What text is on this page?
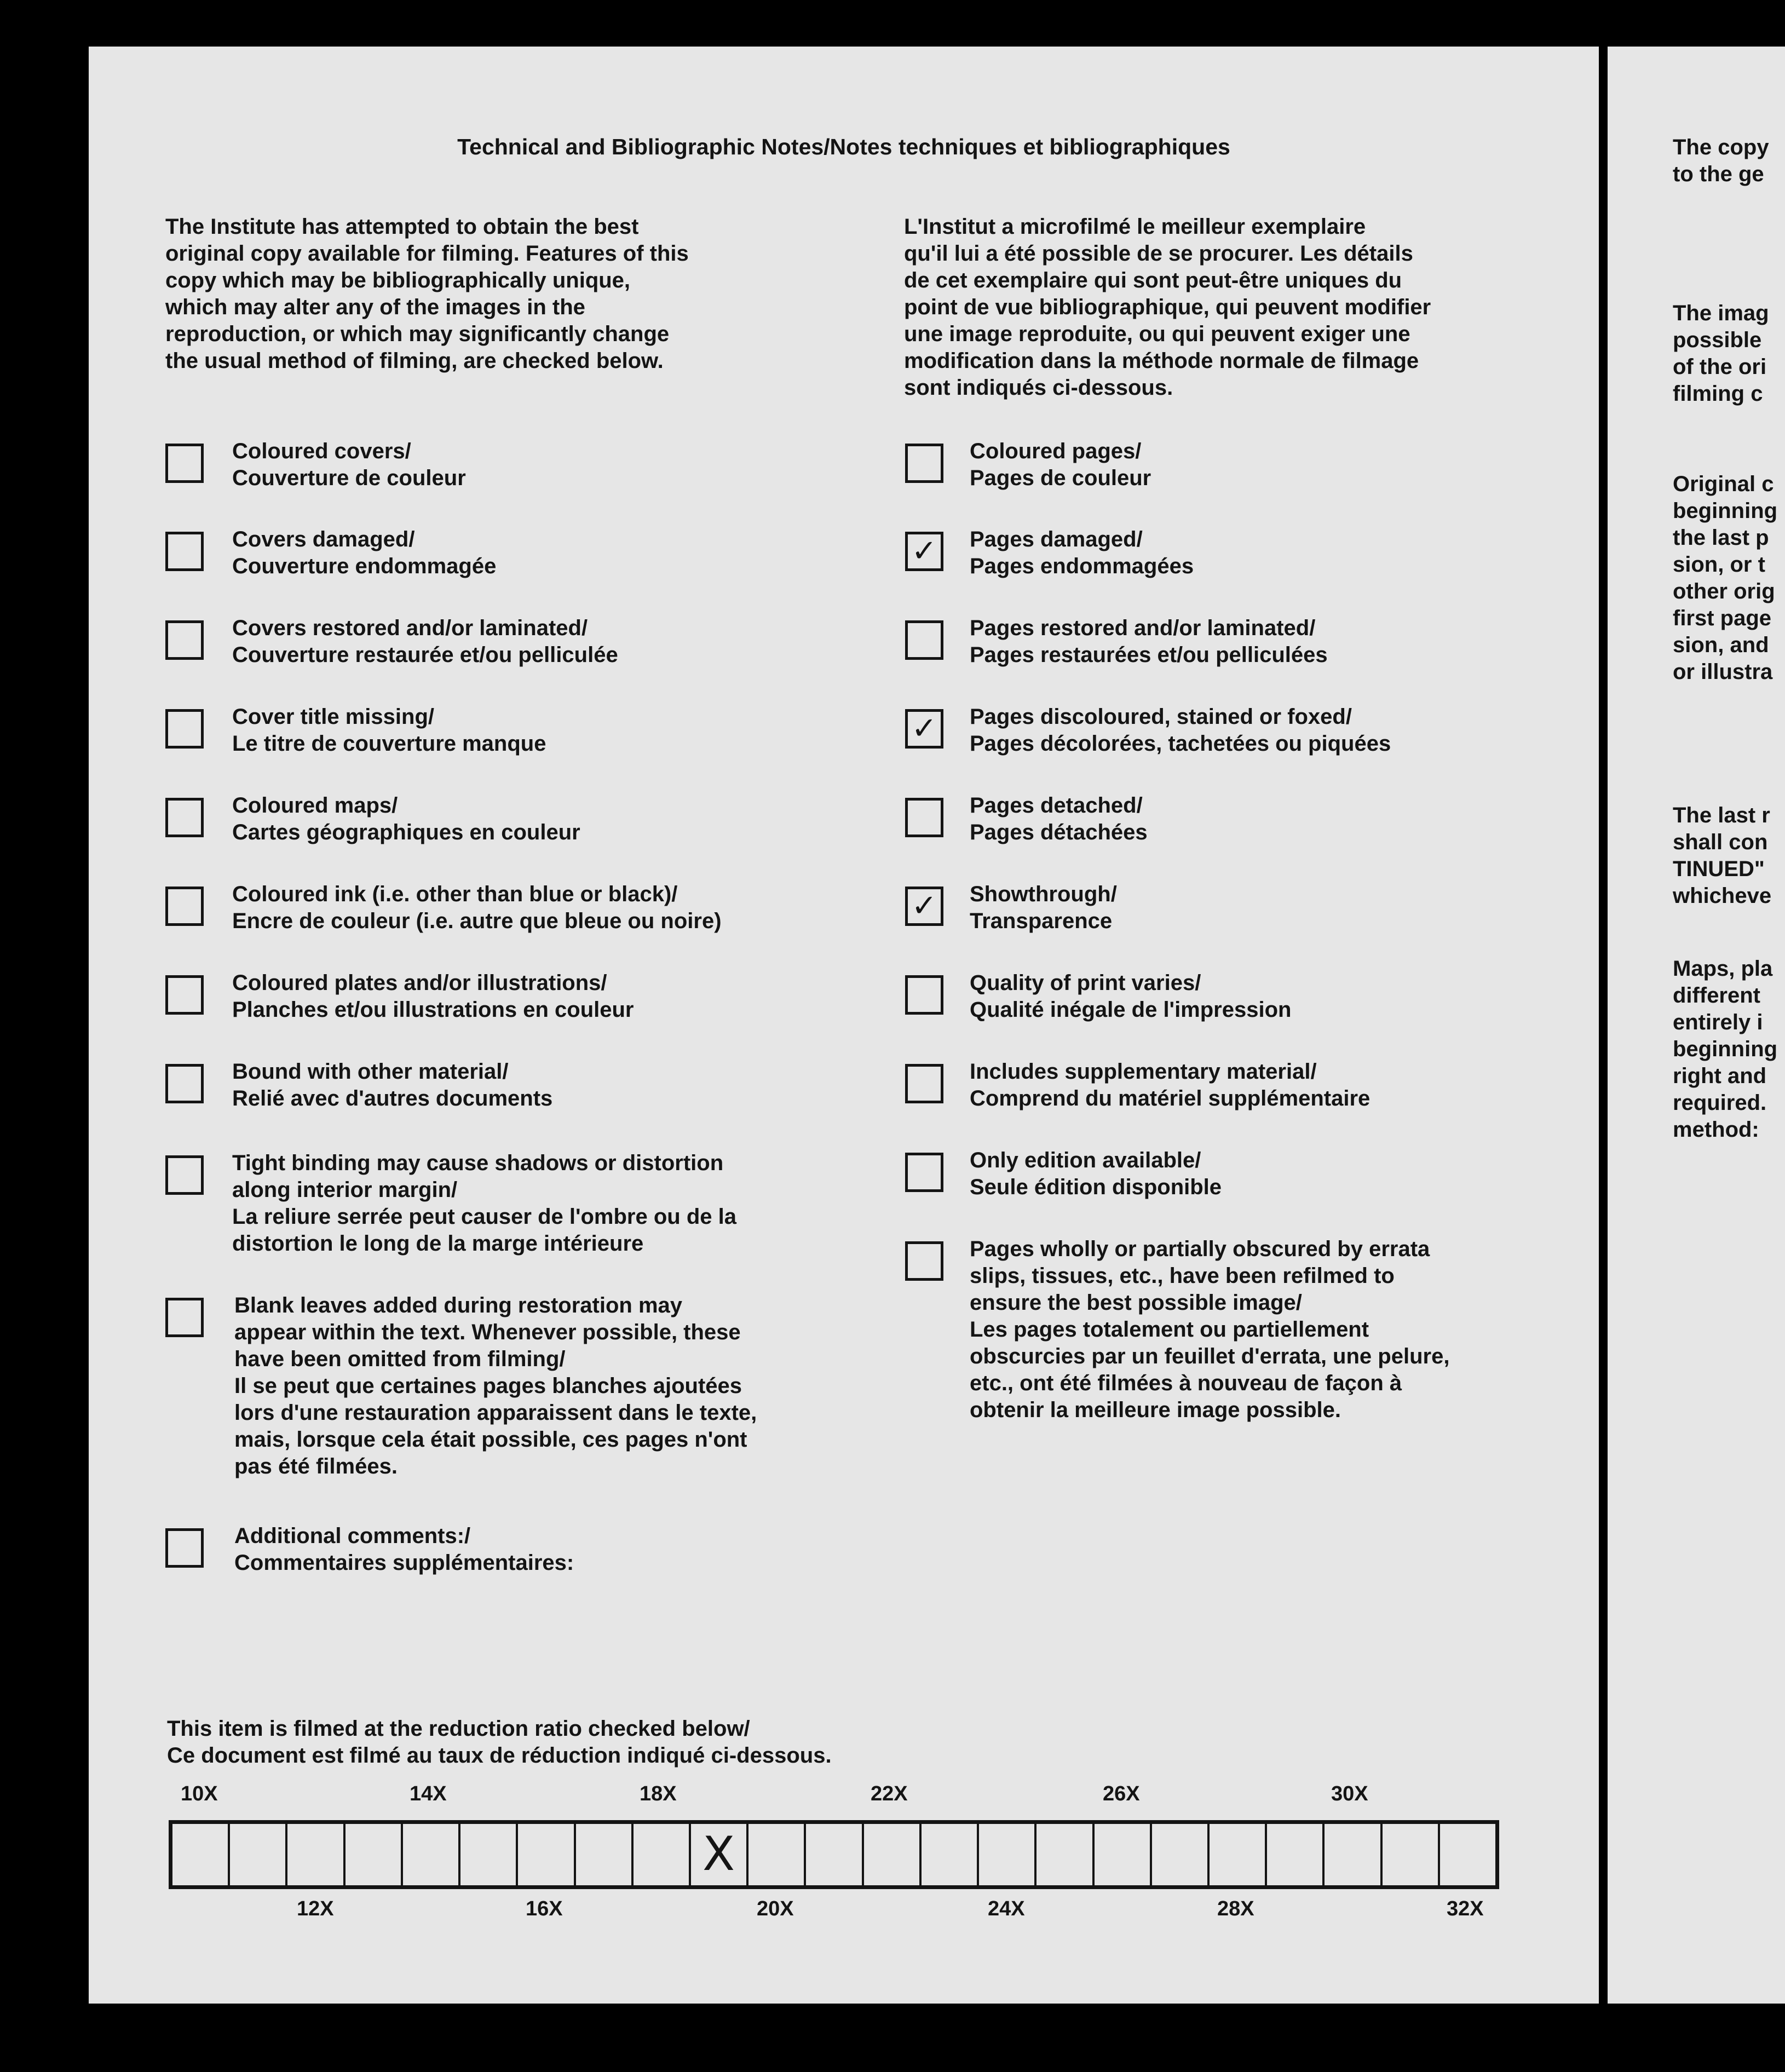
Technical and Bibliographic Notes/Notes techniques et bibliographiques
The Institute has attempted to obtain the best
original copy available for filming. Features of this
copy which may be bibliographically unique,
which may alter any of the images in the
reproduction, or which may significantly change
the usual method of filming, are checked below.
L'Institut a microfilmé le meilleur exemplaire
qu'il lui a été possible de se procurer. Les détails
de cet exemplaire qui sont peut-être uniques du
point de vue bibliographique, qui peuvent modifier
une image reproduite, ou qui peuvent exiger une
modification dans la méthode normale de filmage
sont indiqués ci-dessous.
Coloured covers/
Couverture de couleur
Covers damaged/
Couverture endommagée
Covers restored and/or laminated/
Couverture restaurée et/ou pelliculée
Cover title missing/
Le titre de couverture manque
Coloured maps/
Cartes géographiques en couleur
Coloured ink (i.e. other than blue or black)/
Encre de couleur (i.e. autre que bleue ou noire)
Coloured plates and/or illustrations/
Planches et/ou illustrations en couleur
Bound with other material/
Relié avec d'autres documents
Tight binding may cause shadows or distortion
along interior margin/
La reliure serrée peut causer de l'ombre ou de la
distortion le long de la marge intérieure
Blank leaves added during restoration may
appear within the text. Whenever possible, these
have been omitted from filming/
Il se peut que certaines pages blanches ajoutées
lors d'une restauration apparaissent dans le texte,
mais, lorsque cela était possible, ces pages n'ont
pas été filmées.
Additional comments:/
Commentaires supplémentaires:
Coloured pages/
Pages de couleur
✓ Pages damaged/
Pages endommagées
Pages restored and/or laminated/
Pages restaurées et/ou pelliculées
✓ Pages discoloured, stained or foxed/
Pages décolorées, tachetées ou piquées
Pages detached/
Pages détachées
✓ Showthrough/
Transparence
Quality of print varies/
Qualité inégale de l'impression
Includes supplementary material/
Comprend du matériel supplémentaire
Only edition available/
Seule édition disponible
Pages wholly or partially obscured by errata
slips, tissues, etc., have been refilmed to
ensure the best possible image/
Les pages totalement ou partiellement
obscurcies par un feuillet d'errata, une pelure,
etc., ont été filmées à nouveau de façon à
obtenir la meilleure image possible.
This item is filmed at the reduction ratio checked below/
Ce document est filmé au taux de réduction indiqué ci-dessous.
10X	14X	18X	22X	26X	30X
X
12X	16X	20X	24X	28X	32X
The copy
to the ge
The imag
possible
of the ori
filming c
Original c
beginning
the last p
sion, or t
other orig
first page
sion, and
or illustra
The last r
shall con
TINUED"
whicheve
Maps, pla
different
entirely i
beginning
right and
required.
method:
